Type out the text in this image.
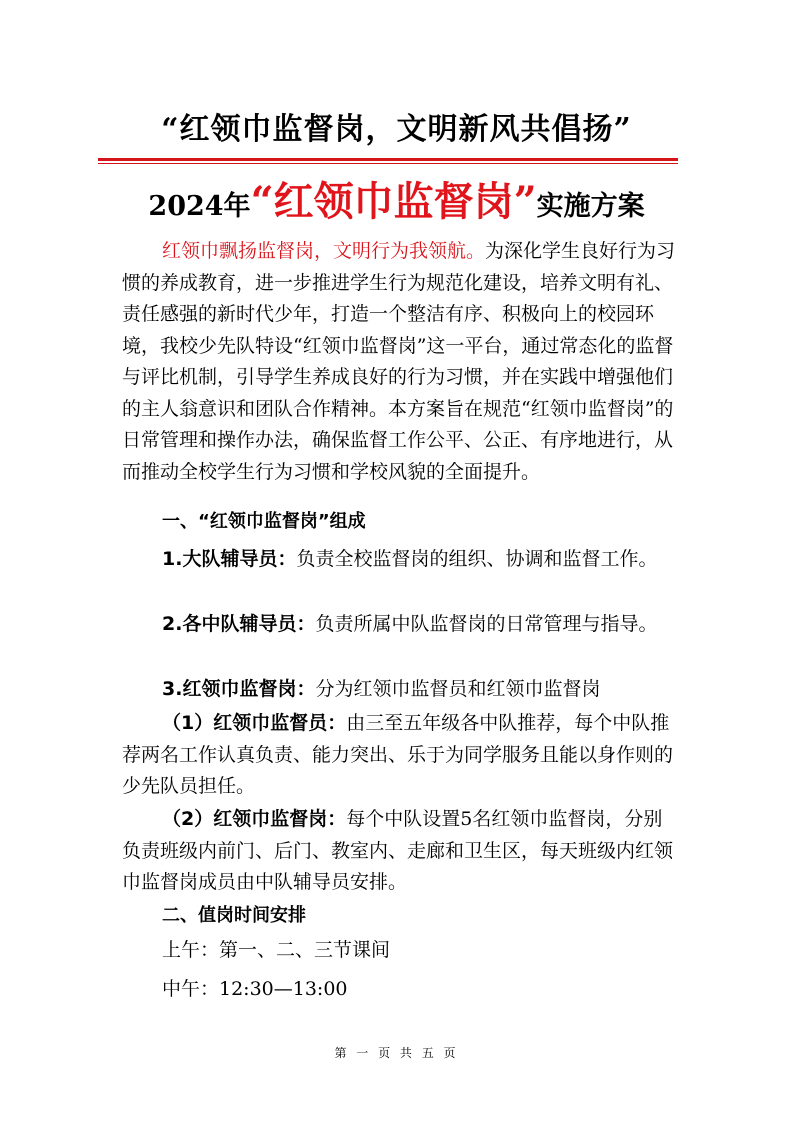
“红领巾监督岗，文明新风共倡扬”
2024年“红领巾监督岗”实施方案

红领巾飘扬监督岗，文明行为我领航。为深化学生良好行为习惯的养成教育，进一步推进学生行为规范化建设，培养文明有礼、责任感强的新时代少年，打造一个整洁有序、积极向上的校园环境，我校少先队特设“红领巾监督岗”这一平台，通过常态化的监督与评比机制，引导学生养成良好的行为习惯，并在实践中增强他们的主人翁意识和团队合作精神。本方案旨在规范“红领巾监督岗”的日常管理和操作办法，确保监督工作公平、公正、有序地进行，从而推动全校学生行为习惯和学校风貌的全面提升。

一、“红领巾监督岗”组成

1.大队辅导员：负责全校监督岗的组织、协调和监督工作。

2.各中队辅导员：负责所属中队监督岗的日常管理与指导。

3.红领巾监督岗：分为红领巾监督员和红领巾监督岗

（1）红领巾监督员：由三至五年级各中队推荐，每个中队推荐两名工作认真负责、能力突出、乐于为同学服务且能以身作则的少先队员担任。

（2）红领巾监督岗：每个中队设置5名红领巾监督岗，分别负责班级内前门、后门、教室内、走廊和卫生区，每天班级内红领巾监督岗成员由中队辅导员安排。

二、值岗时间安排

上午：第一、二、三节课间

中午：12:30—13:00

第 一 页 共 五 页
